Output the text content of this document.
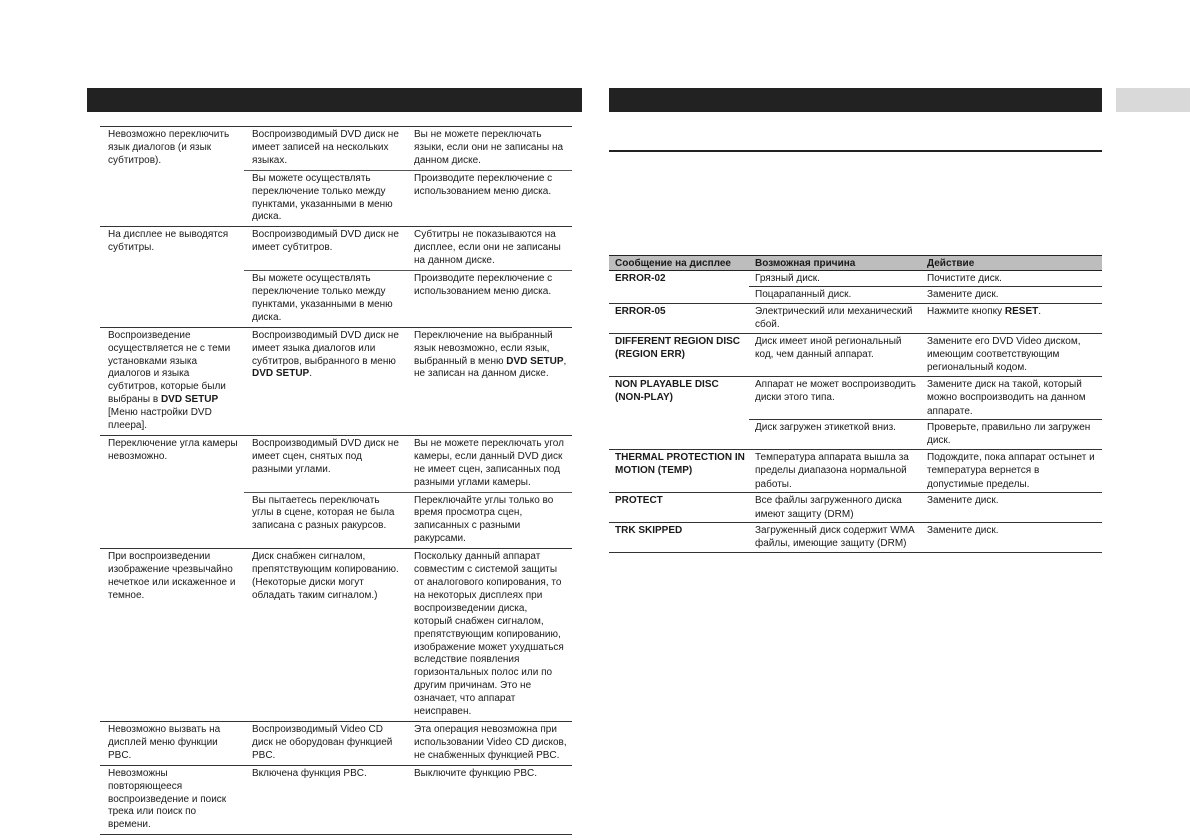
Невозможно переключить язык диалогов (и язык субтитров).	Воспроизводимый DVD диск не имеет записей на нескольких языках.	Вы не можете переключать языки, если они не записаны на данном диске.
	Вы можете осуществлять переключение только между пунктами, указанными в меню диска.	Производите переключение с использованием меню диска.
На дисплее не выводятся субтитры.	Воспроизводимый DVD диск не имеет субтитров.	Субтитры не показываются на дисплее, если они не записаны на данном диске.
	Вы можете осуществлять переключение только между пунктами, указанными в меню диска.	Производите переключение с использованием меню диска.
Воспроизведение осуществляется не с теми установками языка диалогов и языка субтитров, которые были выбраны в DVD SETUP [Меню настройки DVD плеера].	Воспроизводимый DVD диск не имеет языка диалогов или субтитров, выбранного в меню DVD SETUP.	Переключение на выбранный язык невозможно, если язык, выбранный в меню DVD SETUP, не записан на данном диске.
Переключение угла камеры невозможно.	Воспроизводимый DVD диск не имеет сцен, снятых под разными углами.	Вы не можете переключать угол камеры, если данный DVD диск не имеет сцен, записанных под разными углами камеры.
	Вы пытаетесь переключать углы в сцене, которая не была записана с разных ракурсов.	Переключайте углы только во время просмотра сцен, записанных с разными ракурсами.
При воспроизведении изображение чрезвычайно нечеткое или искаженное и темное.	Диск снабжен сигналом, препятствующим копированию. (Некоторые диски могут обладать таким сигналом.)	Поскольку данный аппарат совместим с системой защиты от аналогового копирования, то на некоторых дисплеях при воспроизведении диска, который снабжен сигналом, препятствующим копированию, изображение может ухудшаться вследствие появления горизонтальных полос или по другим причинам. Это не означает, что аппарат неисправен.
Невозможно вызвать на дисплей меню функции PBC.	Воспроизводимый Video CD диск не оборудован функцией PBC.	Эта операция невозможна при использовании Video CD дисков, не снабженных функцией PBC.
Невозможны повторяющееся воспроизведение и поиск трека или поиск по времени.	Включена функция PBC.	Выключите функцию PBC.
Сообщение на дисплее	Возможная причина	Действие
ERROR-02	Грязный диск.	Почистите диск.
	Поцарапанный диск.	Замените диск.
ERROR-05	Электрический или механический сбой.	Нажмите кнопку RESET.
DIFFERENT REGION DISC (REGION ERR)	Диск имеет иной региональный код, чем данный аппарат.	Замените его DVD Video диском, имеющим соответствующим региональный кодом.
NON PLAYABLE DISC (NON-PLAY)	Аппарат не может воспроизводить диски этого типа.	Замените диск на такой, который можно воспроизводить на данном аппарате.
	Диск загружен этикеткой вниз.	Проверьте, правильно ли загружен диск.
THERMAL PROTECTION IN MOTION (TEMP)	Температура аппарата вышла за пределы диапазона нормальной работы.	Подождите, пока аппарат остынет и температура вернется в допустимые пределы.
PROTECT	Все файлы загруженного диска имеют защиту (DRM)	Замените диск.
TRK SKIPPED	Загруженный диск содержит WMA файлы, имеющие защиту (DRM)	Замените диск.
